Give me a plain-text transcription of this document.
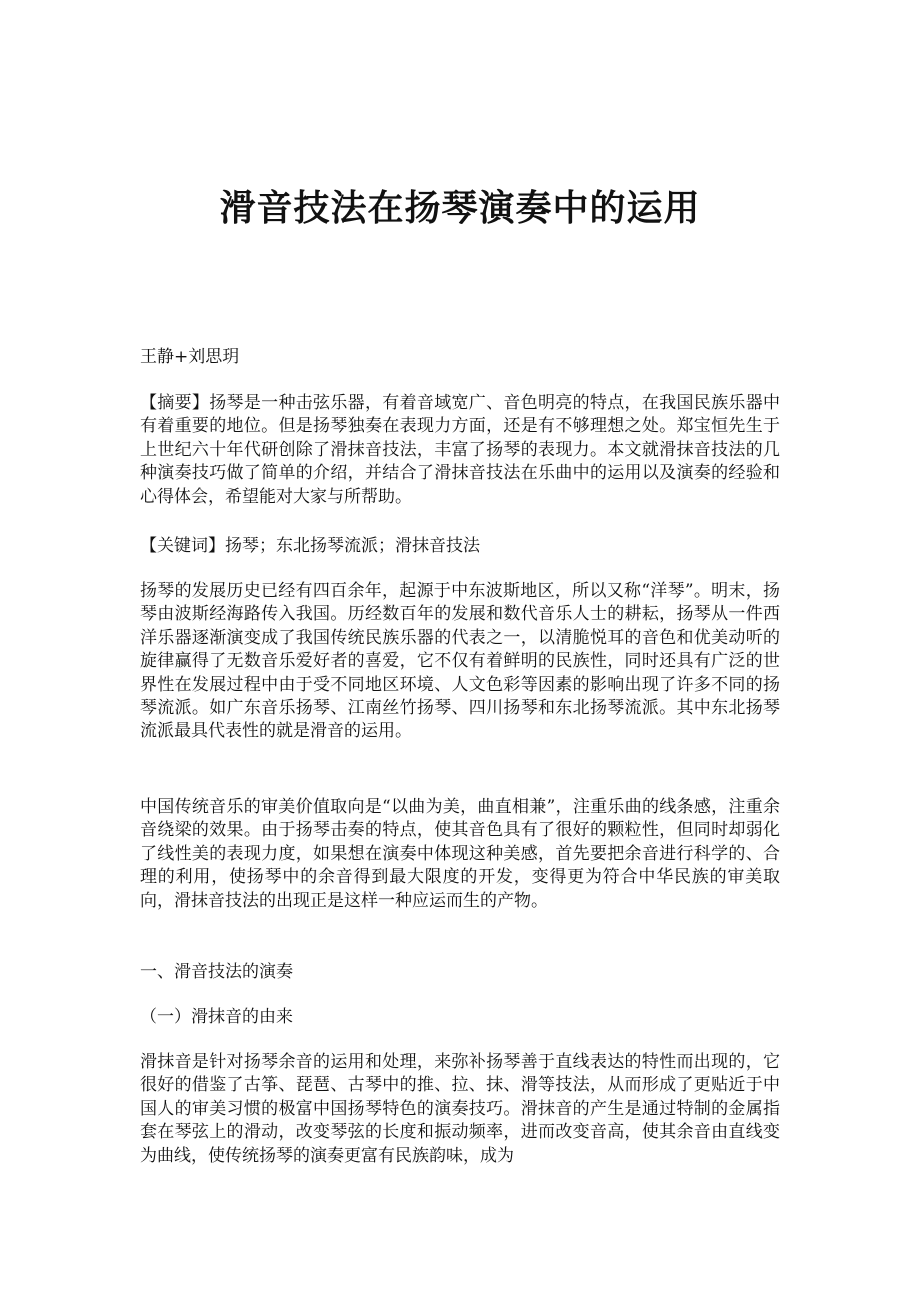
滑音技法在扬琴演奏中的运用

王静+刘思玥

【摘要】扬琴是一种击弦乐器，有着音域宽广、音色明亮的特点，在我国民族乐器中有着重要的地位。但是扬琴独奏在表现力方面，还是有不够理想之处。郑宝恒先生于上世纪六十年代研创除了滑抹音技法，丰富了扬琴的表现力。本文就滑抹音技法的几种演奏技巧做了简单的介绍，并结合了滑抹音技法在乐曲中的运用以及演奏的经验和心得体会，希望能对大家与所帮助。

【关键词】扬琴；东北扬琴流派；滑抹音技法

扬琴的发展历史已经有四百余年，起源于中东波斯地区，所以又称“洋琴”。明末，扬琴由波斯经海路传入我国。历经数百年的发展和数代音乐人士的耕耘，扬琴从一件西洋乐器逐渐演变成了我国传统民族乐器的代表之一，以清脆悦耳的音色和优美动听的旋律赢得了无数音乐爱好者的喜爱，它不仅有着鲜明的民族性，同时还具有广泛的世界性在发展过程中由于受不同地区环境、人文色彩等因素的影响出现了许多不同的扬琴流派。如广东音乐扬琴、江南丝竹扬琴、四川扬琴和东北扬琴流派。其中东北扬琴流派最具代表性的就是滑音的运用。

中国传统音乐的审美价值取向是“以曲为美，曲直相兼”，注重乐曲的线条感，注重余音绕梁的效果。由于扬琴击奏的特点，使其音色具有了很好的颗粒性，但同时却弱化了线性美的表现力度，如果想在演奏中体现这种美感，首先要把余音进行科学的、合理的利用，使扬琴中的余音得到最大限度的开发，变得更为符合中华民族的审美取向，滑抹音技法的出现正是这样一种应运而生的产物。

一、滑音技法的演奏

（一）滑抹音的由来

滑抹音是针对扬琴余音的运用和处理，来弥补扬琴善于直线表达的特性而出现的，它很好的借鉴了古筝、琵琶、古琴中的推、拉、抹、滑等技法，从而形成了更贴近于中国人的审美习惯的极富中国扬琴特色的演奏技巧。滑抹音的产生是通过特制的金属指套在琴弦上的滑动，改变琴弦的长度和振动频率，进而改变音高，使其余音由直线变为曲线，使传统扬琴的演奏更富有民族韵味，成为
